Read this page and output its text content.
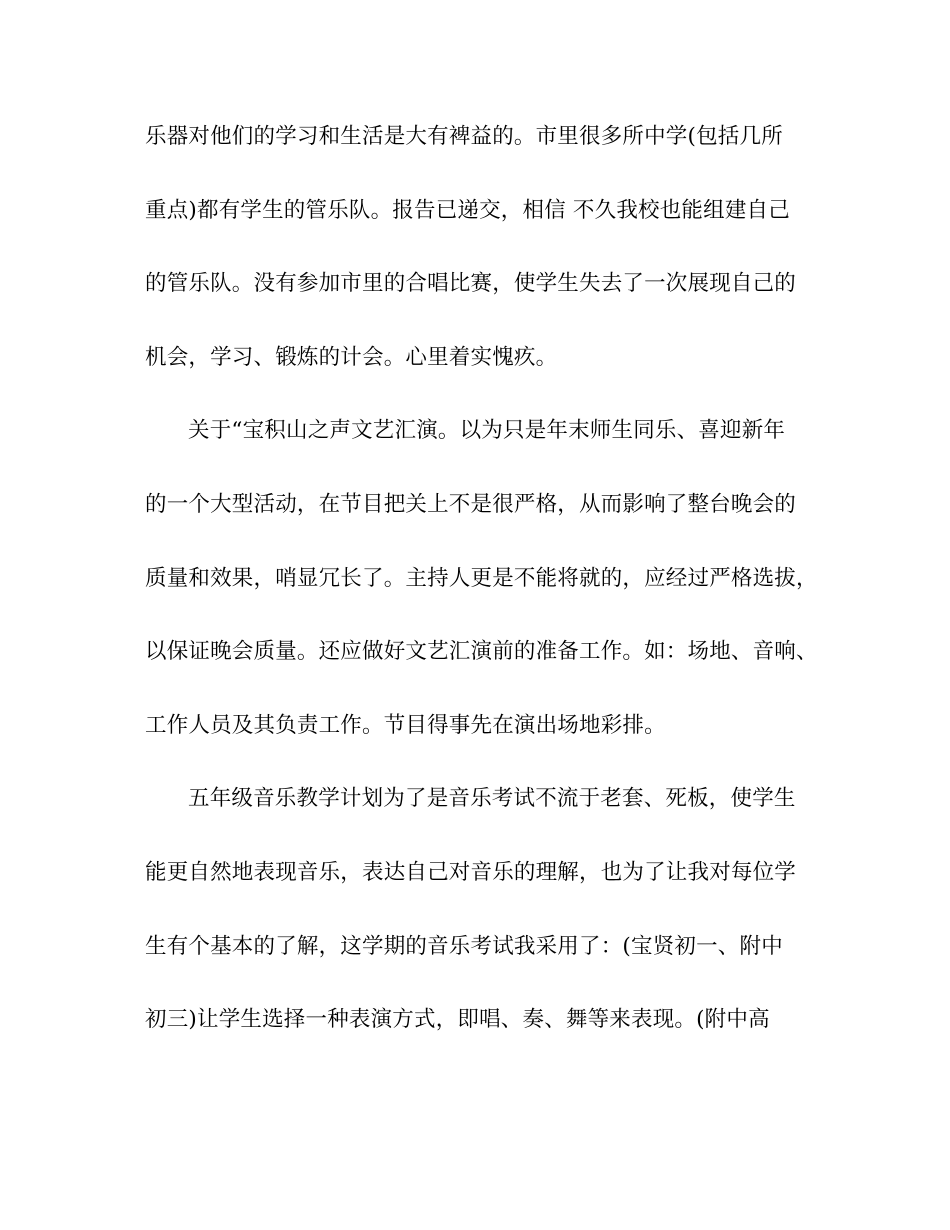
乐器对他们的学习和生活是大有裨益的。市里很多所中学(包括几所
重点)都有学生的管乐队。报告已递交，相信 不久我校也能组建自己
的管乐队。没有参加市里的合唱比赛，使学生失去了一次展现自己的
机会，学习、锻炼的计会。心里着实愧疚。
关于“宝积山之声文艺汇演。以为只是年末师生同乐、喜迎新年
的一个大型活动，在节目把关上不是很严格，从而影响了整台晚会的
质量和效果，哨显冗长了。主持人更是不能将就的，应经过严格选拔，
以保证晚会质量。还应做好文艺汇演前的准备工作。如：场地、音响、
工作人员及其负责工作。节目得事先在演出场地彩排。
五年级音乐教学计划为了是音乐考试不流于老套、死板，使学生
能更自然地表现音乐，表达自己对音乐的理解，也为了让我对每位学
生有个基本的了解，这学期的音乐考试我采用了：(宝贤初一、附中
初三)让学生选择一种表演方式，即唱、奏、舞等来表现。(附中高
